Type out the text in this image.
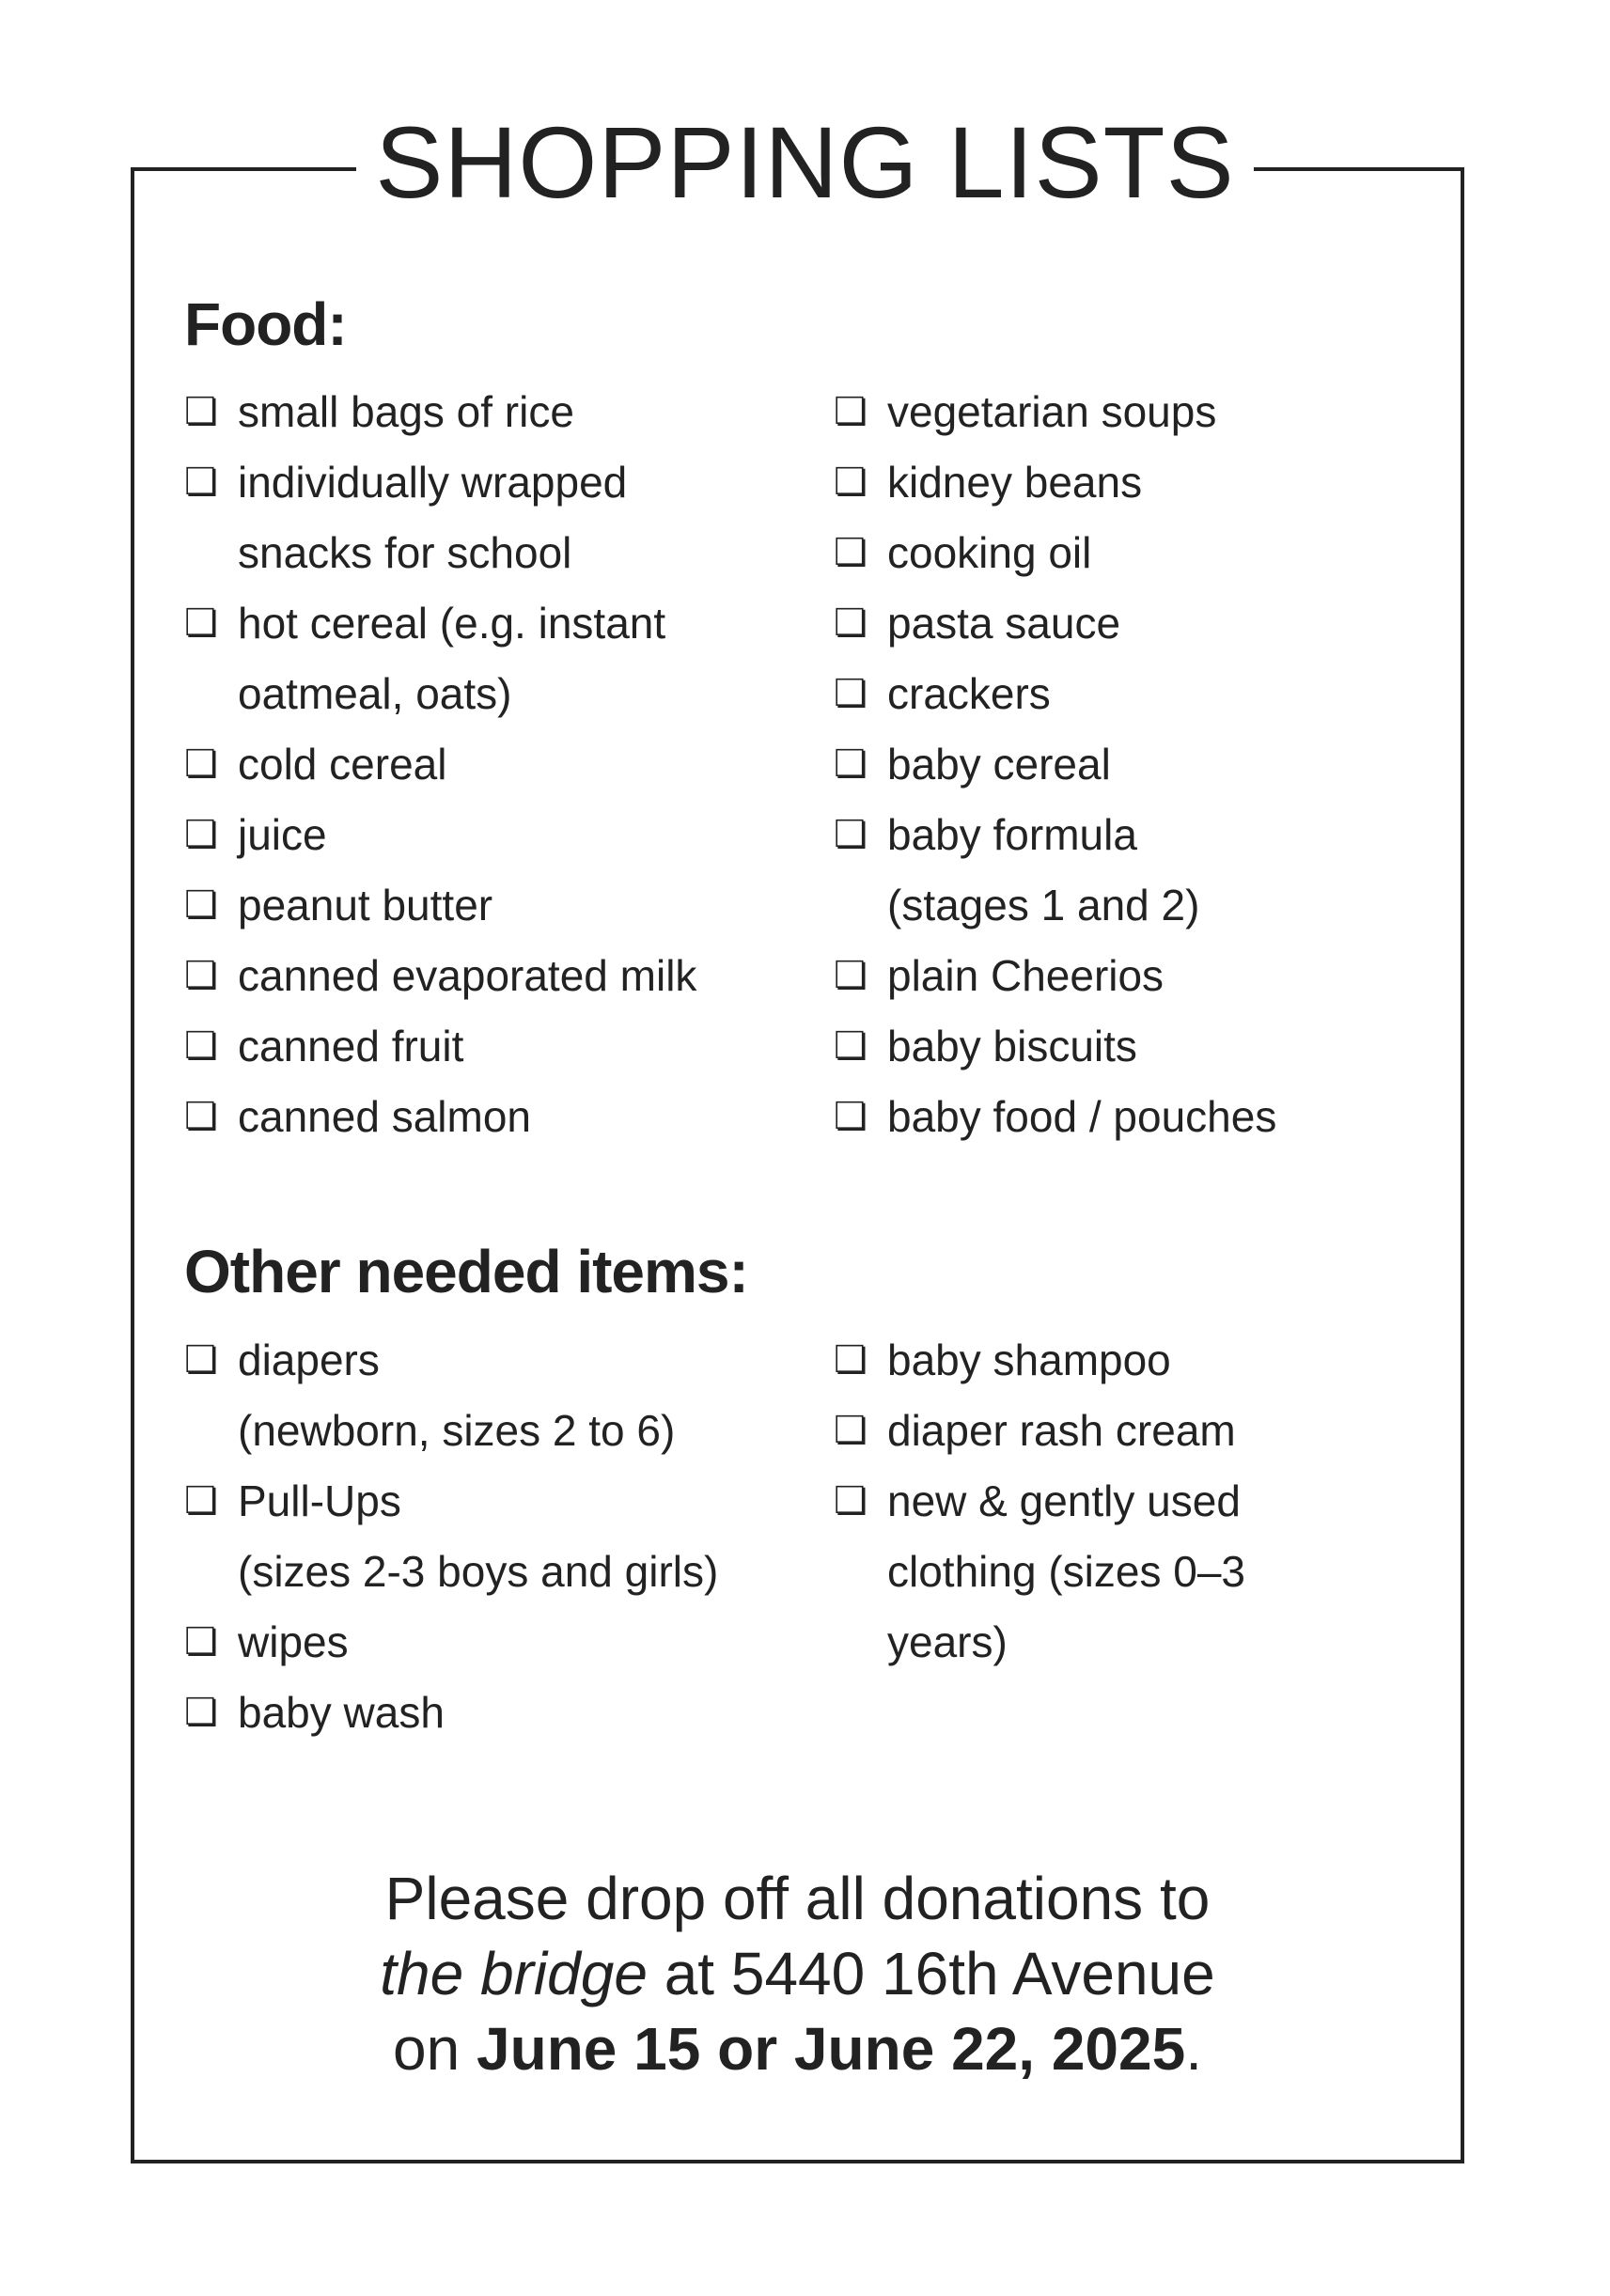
SHOPPING LISTS
Food:
❏ small bags of rice
❏ individually wrapped
snacks for school
❏ hot cereal (e.g. instant
oatmeal, oats)
❏ cold cereal
❏ juice
❏ peanut butter
❏ canned evaporated milk
❏ canned fruit
❏ canned salmon
❏ vegetarian soups
❏ kidney beans
❏ cooking oil
❏ pasta sauce
❏ crackers
❏ baby cereal
❏ baby formula
(stages 1 and 2)
❏ plain Cheerios
❏ baby biscuits
❏ baby food / pouches
Other needed items:
❏ diapers
(newborn, sizes 2 to 6)
❏ Pull-Ups
(sizes 2-3 boys and girls)
❏ wipes
❏ baby wash
❏ baby shampoo
❏ diaper rash cream
❏ new & gently used
clothing (sizes 0–3
years)
Please drop off all donations to
the bridge at 5440 16th Avenue
on June 15 or June 22, 2025.
